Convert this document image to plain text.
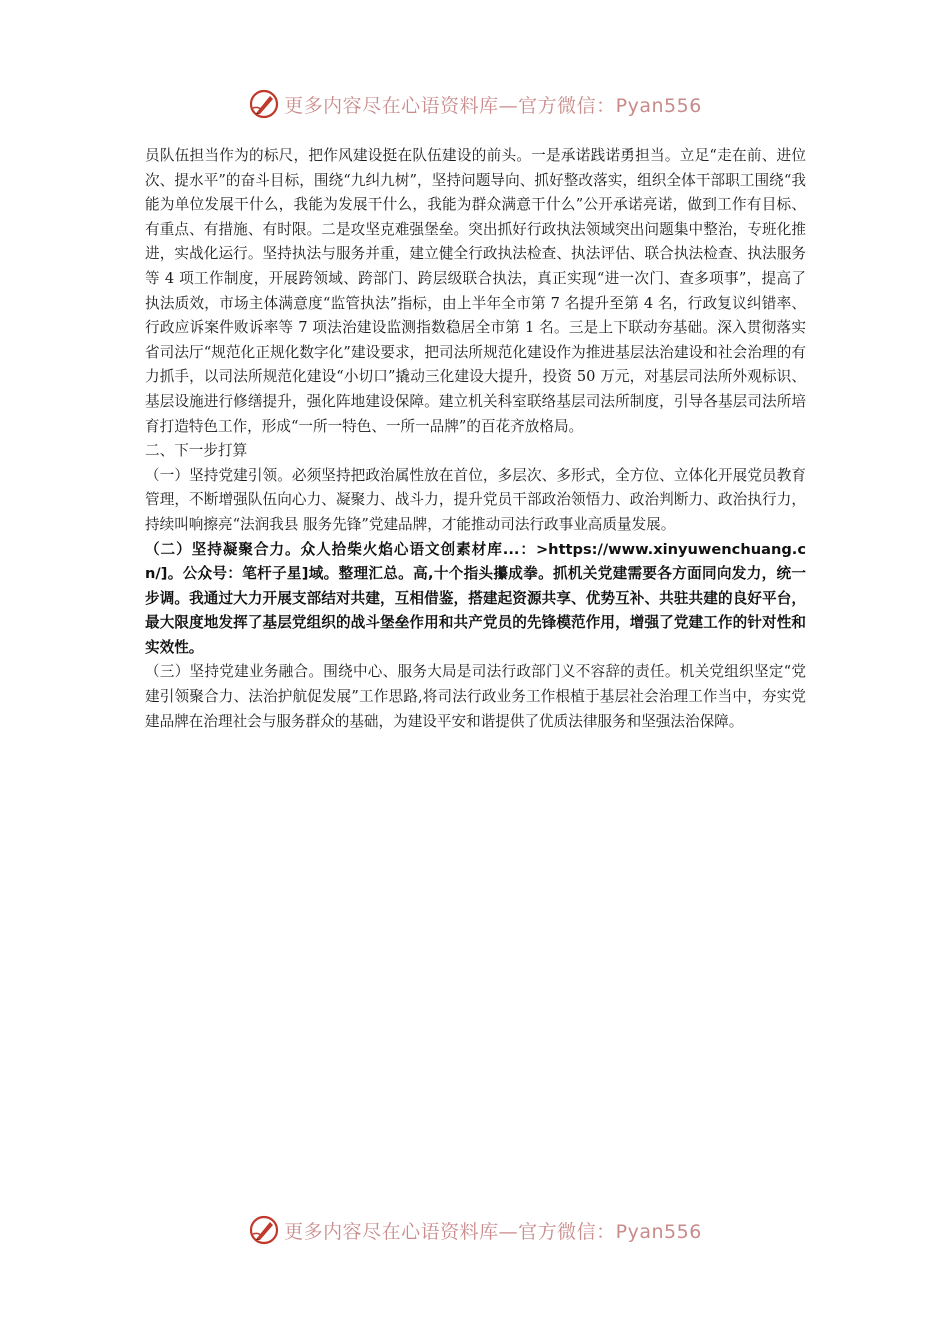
更多内容尽在心语资料库—官方微信：Pyan556

员队伍担当作为的标尺，把作风建设挺在队伍建设的前头。一是承诺践诺勇担当。立足“走在前、进位次、提水平”的奋斗目标，围绕“九纠九树”，坚持问题导向、抓好整改落实，组织全体干部职工围绕“我能为单位发展干什么，我能为发展干什么，我能为群众满意干什么”公开承诺亮诺，做到工作有目标、有重点、有措施、有时限。二是攻坚克难强堡垒。突出抓好行政执法领域突出问题集中整治，专班化推进，实战化运行。坚持执法与服务并重，建立健全行政执法检查、执法评估、联合执法检查、执法服务等 4 项工作制度，开展跨领域、跨部门、跨层级联合执法，真正实现“进一次门、查多项事”，提高了执法质效，市场主体满意度“监管执法”指标，由上半年全市第 7 名提升至第 4 名，行政复议纠错率、行政应诉案件败诉率等 7 项法治建设监测指数稳居全市第 1 名。三是上下联动夯基础。深入贯彻落实省司法厅“规范化正规化数字化”建设要求，把司法所规范化建设作为推进基层法治建设和社会治理的有力抓手，以司法所规范化建设“小切口”撬动三化建设大提升，投资 50 万元，对基层司法所外观标识、基层设施进行修缮提升，强化阵地建设保障。建立机关科室联络基层司法所制度，引导各基层司法所培育打造特色工作，形成“一所一特色、一所一品牌”的百花齐放格局。

二、下一步打算

（一）坚持党建引领。必须坚持把政治属性放在首位，多层次、多形式，全方位、立体化开展党员教育管理，不断增强队伍向心力、凝聚力、战斗力，提升党员干部政治领悟力、政治判断力、政治执行力，持续叫响擦亮“法润我县 服务先锋”党建品牌，才能推动司法行政事业高质量发展。

（二）坚持凝聚合力。众人拾柴火焰心语文创素材库...：>https://www.xinyuwenchuang.cn/]。公众号：笔杆子星]域。整理汇总。高,十个指头攥成拳。抓机关党建需要各方面同向发力，统一步调。我通过大力开展支部结对共建，互相借鉴，搭建起资源共享、优势互补、共驻共建的良好平台，最大限度地发挥了基层党组织的战斗堡垒作用和共产党员的先锋模范作用，增强了党建工作的针对性和实效性。

（三）坚持党建业务融合。围绕中心、服务大局是司法行政部门义不容辞的责任。机关党组织坚定“党建引领聚合力、法治护航促发展”工作思路,将司法行政业务工作根植于基层社会治理工作当中，夯实党建品牌在治理社会与服务群众的基础，为建设平安和谐提供了优质法律服务和坚强法治保障。

更多内容尽在心语资料库—官方微信：Pyan556
